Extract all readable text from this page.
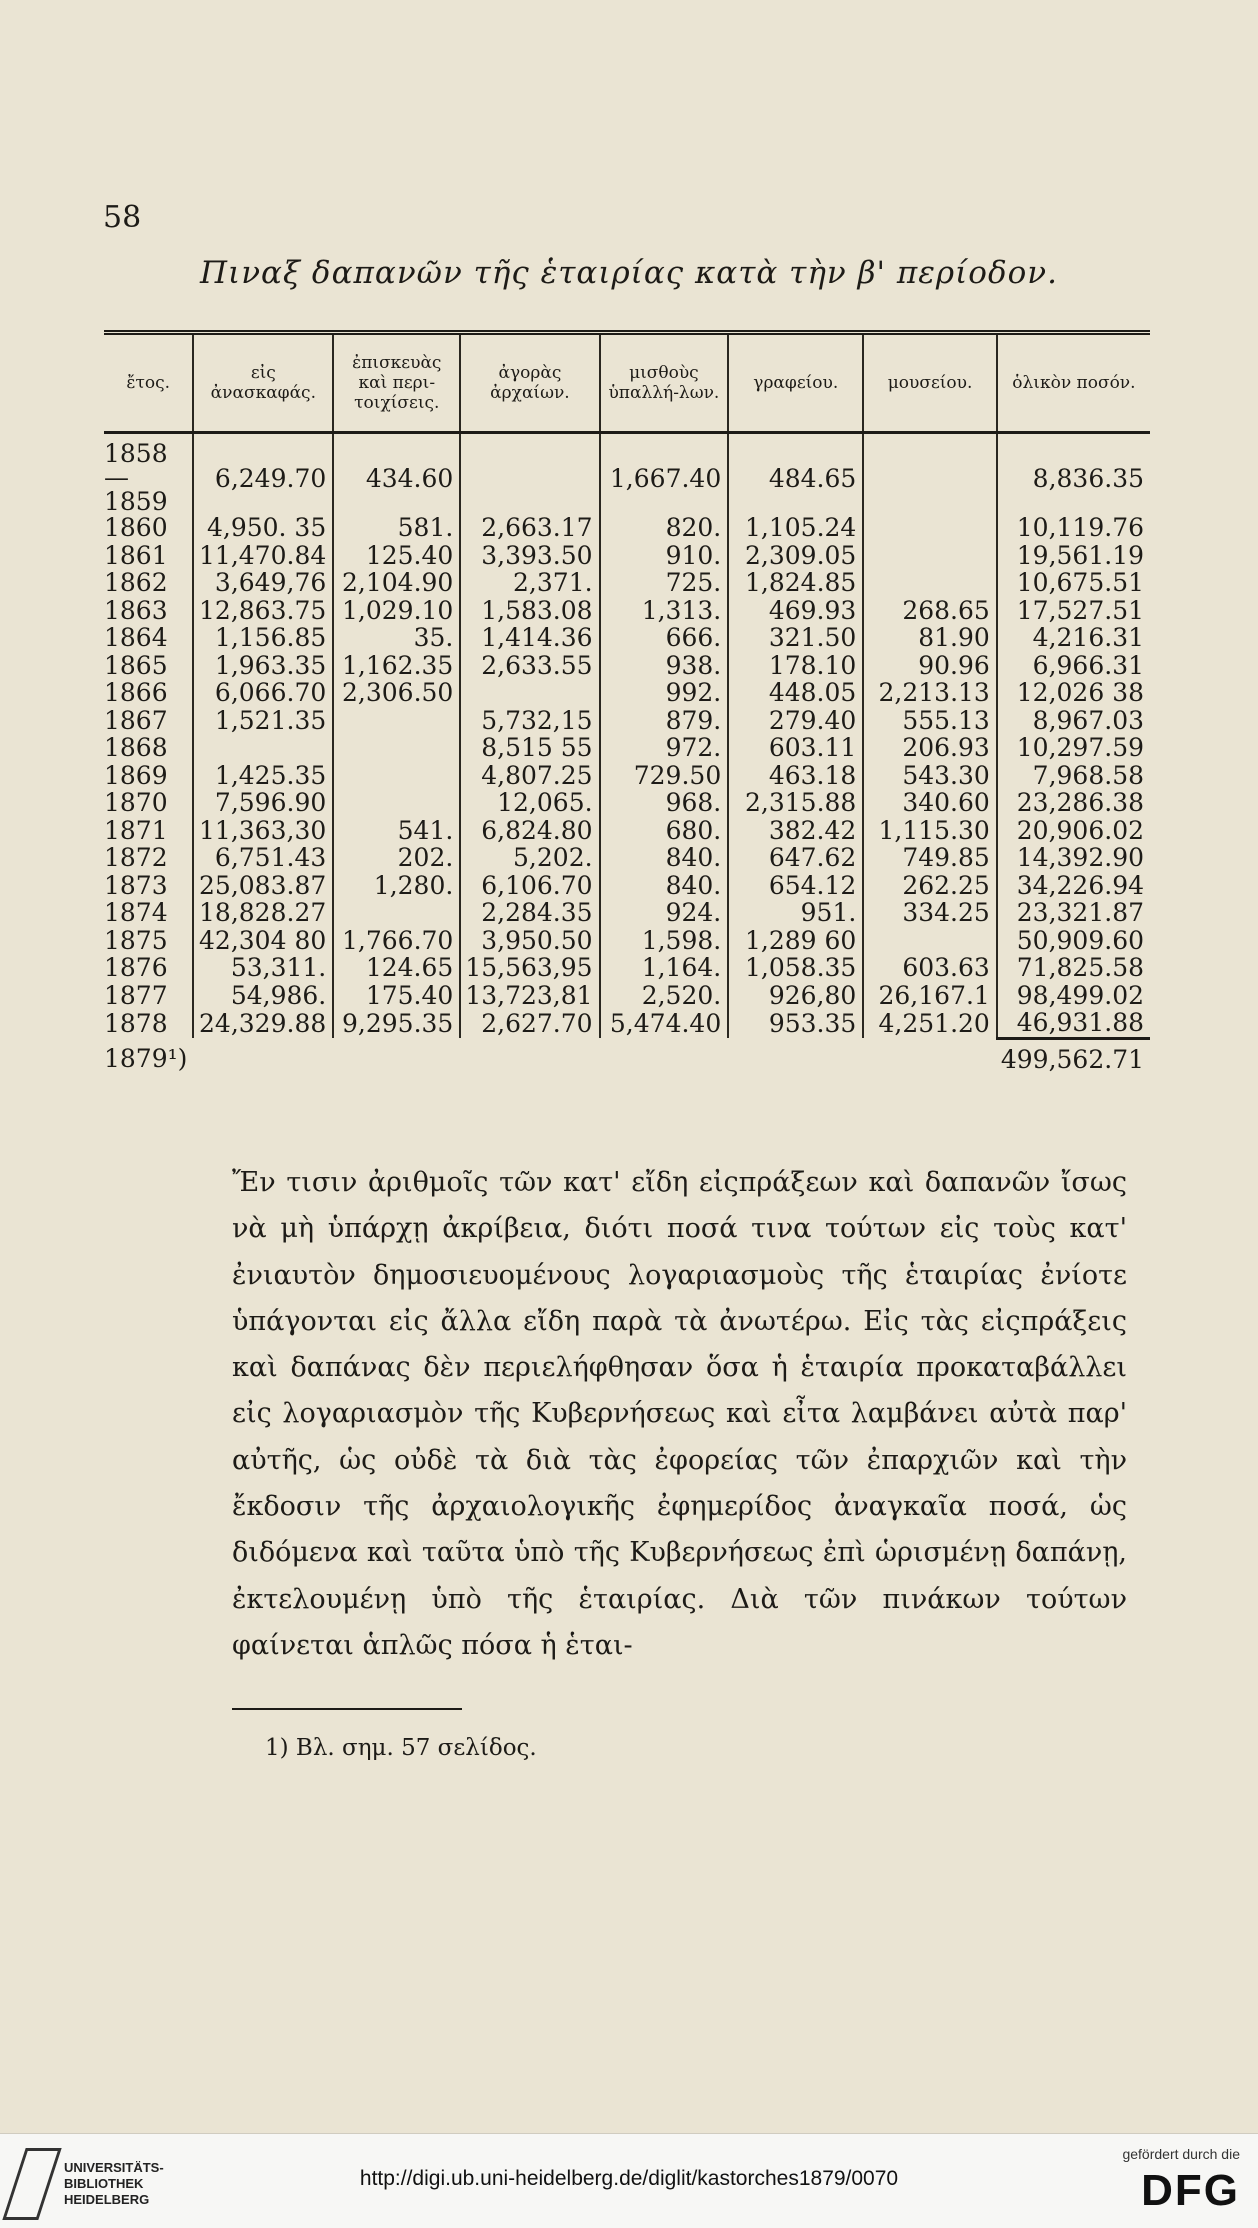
58
Πιναξ δαπανῶν τῆς ἑταιρίας κατὰ τὴν β' περίοδον.
ἔτος.	εἰς ἀνασκαφάς.	ἐπισκευὰς καὶ περι-τοιχίσεις.	ἀγορὰς ἀρχαίων.	μισθοὺς ὑπαλλή-λων.	γραφείου.	μουσείου.	ὁλικὸν ποσόν.
1858—1859	6,249.70	434.60		1,667.40	484.65		8,836.35
1860	4,950. 35	581.	2,663.17	820.	1,105.24		10,119.76
1861	11,470.84	125.40	3,393.50	910.	2,309.05		19,561.19
1862	3,649,76	2,104.90	2,371.	725.	1,824.85		10,675.51
1863	12,863.75	1,029.10	1,583.08	1,313.	469.93	268.65	17,527.51
1864	1,156.85	35.	1,414.36	666.	321.50	81.90	4,216.31
1865	1,963.35	1,162.35	2,633.55	938.	178.10	90.96	6,966.31
1866	6,066.70	2,306.50		992.	448.05	2,213.13	12,026 38
1867	1,521.35		5,732,15	879.	279.40	555.13	8,967.03
1868			8,515 55	972.	603.11	206.93	10,297.59
1869	1,425.35		4,807.25	729.50	463.18	543.30	7,968.58
1870	7,596.90		12,065.	968.	2,315.88	340.60	23,286.38
1871	11,363,30	541.	6,824.80	680.	382.42	1,115.30	20,906.02
1872	6,751.43	202.	5,202.	840.	647.62	749.85	14,392.90
1873	25,083.87	1,280.	6,106.70	840.	654.12	262.25	34,226.94
1874	18,828.27		2,284.35	924.	951.	334.25	23,321.87
1875	42,304 80	1,766.70	3,950.50	1,598.	1,289 60		50,909.60
1876	53,311.	124.65	15,563,95	1,164.	1,058.35	603.63	71,825.58
1877	54,986.	175.40	13,723,81	2,520.	926,80	26,167.1	98,499.02
1878	24,329.88	9,295.35	2,627.70	5,474.40	953.35	4,251.20	46,931.88
1879¹)							499,562.71
Ἔν τισιν ἀριθμοῖς τῶν κατ' εἴδη εἰςπράξεων καὶ δαπανῶν ἴσως νὰ μὴ ὑπάρχῃ ἀκρίβεια, διότι ποσά τινα τούτων εἰς τοὺς κατ' ἐνιαυτὸν δημοσιευομένους λογαριασμοὺς τῆς ἑταιρίας ἐνίοτε ὑπάγονται εἰς ἄλλα εἴδη παρὰ τὰ ἀνωτέρω. Εἰς τὰς εἰςπράξεις καὶ δαπάνας δὲν περιελήφθησαν ὅσα ἡ ἑταιρία προκαταβάλλει εἰς λογαριασμὸν τῆς Κυβερνήσεως καὶ εἶτα λαμβάνει αὐτὰ παρ' αὐτῆς, ὡς οὐδὲ τὰ διὰ τὰς ἐφορείας τῶν ἐπαρχιῶν καὶ τὴν ἔκδοσιν τῆς ἀρχαιολογικῆς ἐφημερίδος ἀναγκαῖα ποσά, ὡς διδόμενα καὶ ταῦτα ὑπὸ τῆς Κυβερνήσεως ἐπὶ ὡρισμένῃ δαπάνῃ, ἐκτελουμένῃ ὑπὸ τῆς ἑταιρίας. Διὰ τῶν πινάκων τούτων φαίνεται ἁπλῶς πόσα ἡ ἑται-
1) Βλ. σημ. 57 σελίδος.
UNIVERSITÄTS-
BIBLIOTHEK
HEIDELBERG
http://digi.ub.uni-heidelberg.de/diglit/kastorches1879/0070
gefördert durch die
DFG
